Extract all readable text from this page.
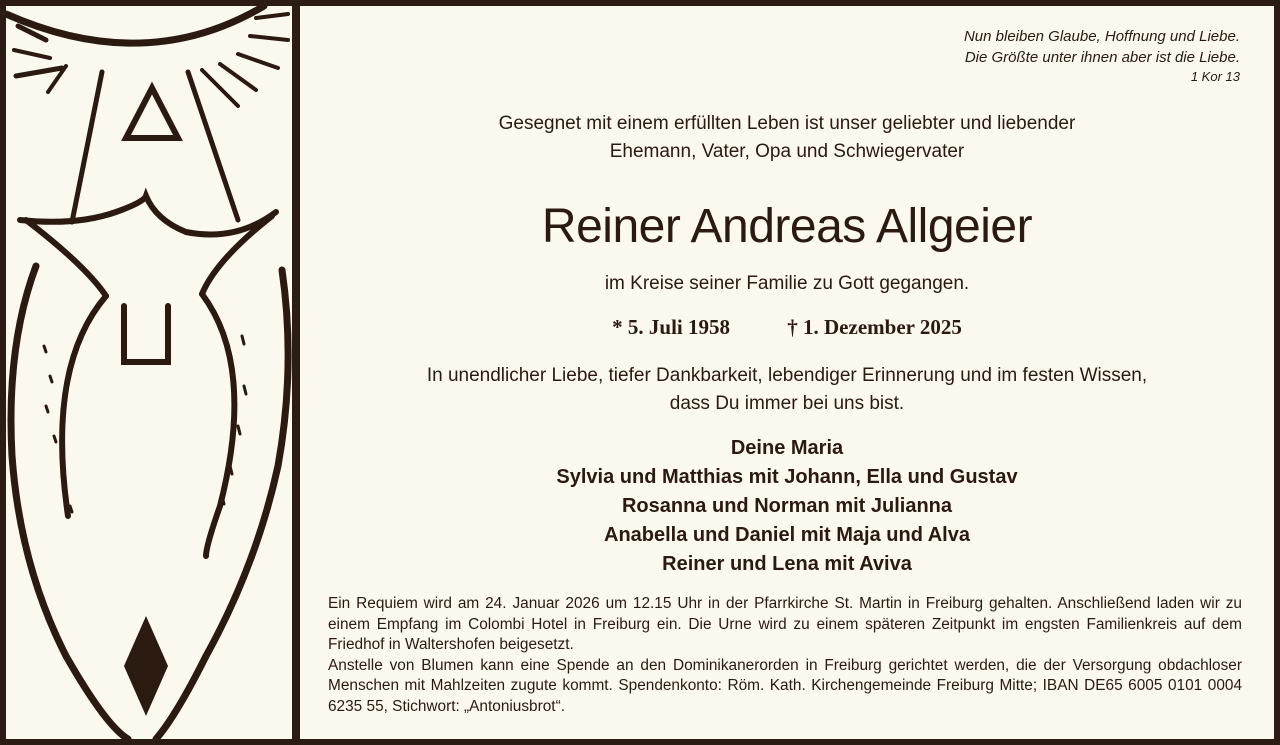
Nun bleiben Glaube, Hoffnung und Liebe.
Die Größte unter ihnen aber ist die Liebe.
1 Kor 13
Gesegnet mit einem erfüllten Leben ist unser geliebter und liebender
Ehemann, Vater, Opa und Schwiegervater
Reiner Andreas Allgeier
im Kreise seiner Familie zu Gott gegangen.
* 5. Juli 1958	† 1. Dezember 2025
In unendlicher Liebe, tiefer Dankbarkeit, lebendiger Erinnerung und im festen Wissen,
dass Du immer bei uns bist.
Deine Maria
Sylvia und Matthias mit Johann, Ella und Gustav
Rosanna und Norman mit Julianna
Anabella und Daniel mit Maja und Alva
Reiner und Lena mit Aviva

Ein Requiem wird am 24. Januar 2026 um 12.15 Uhr in der Pfarrkirche St. Martin in Freiburg gehalten. Anschließend laden wir zu einem Empfang im Colombi Hotel in Freiburg ein. Die Urne wird zu einem späteren Zeitpunkt im engsten Familienkreis auf dem Friedhof in Waltershofen beigesetzt.

Anstelle von Blumen kann eine Spende an den Dominikanerorden in Freiburg gerichtet werden, die der Versorgung obdachloser Menschen mit Mahlzeiten zugute kommt. Spendenkonto: Röm. Kath. Kirchengemeinde Freiburg Mitte; IBAN DE65 6005 0101 0004 6235 55, Stichwort: „Antoniusbrot“.
